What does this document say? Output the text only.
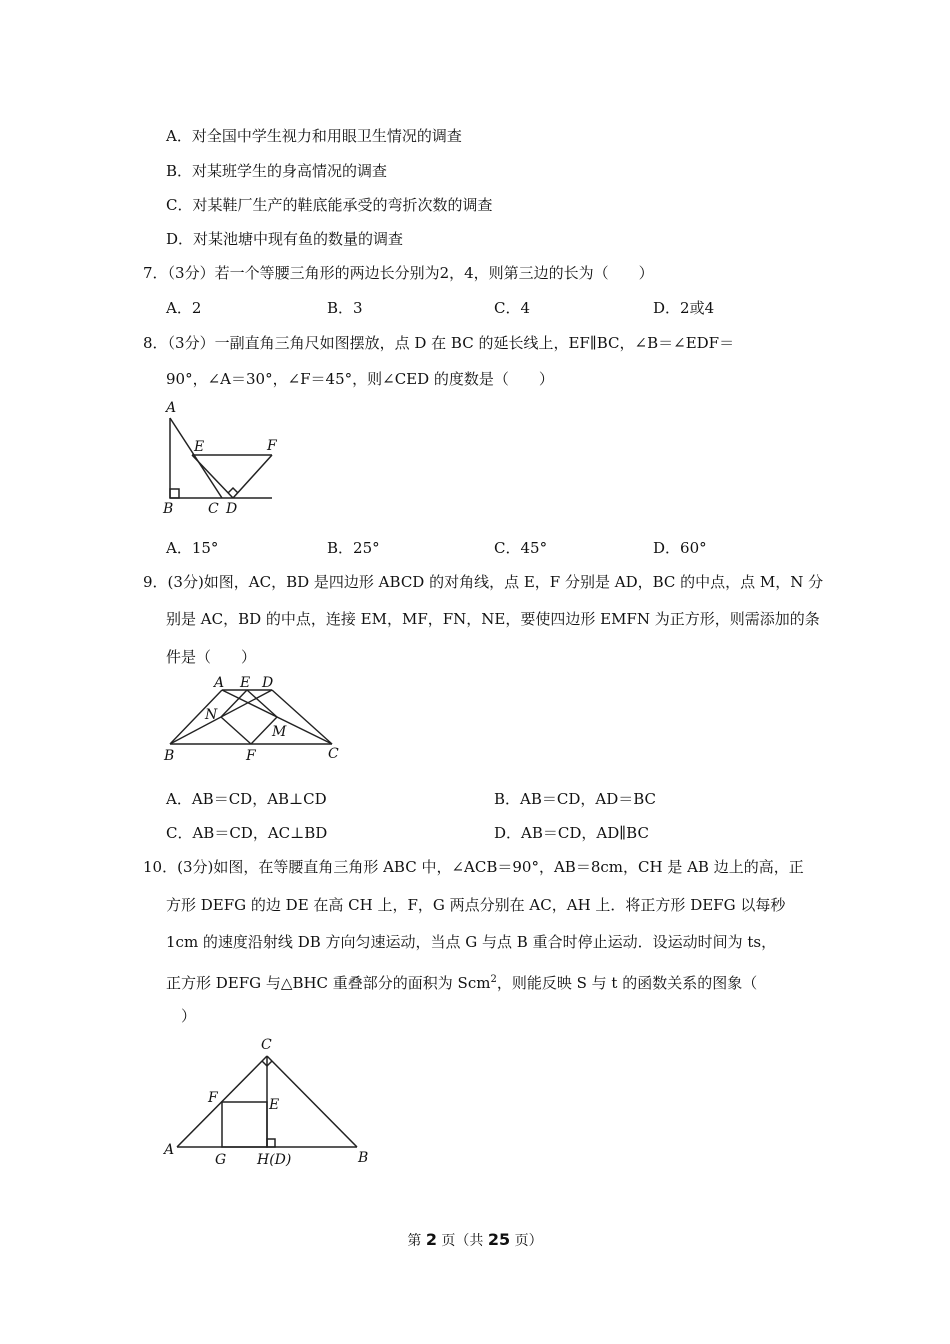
A．对全国中学生视力和用眼卫生情况的调查
B．对某班学生的身高情况的调查
C．对某鞋厂生产的鞋底能承受的弯折次数的调查
D．对某池塘中现有鱼的数量的调查
7．（3分）若一个等腰三角形的两边长分别为2，4，则第三边的长为（　　）
A．2	B．3	C．4	D．2或4
8．（3分）一副直角三角尺如图摆放，点 D 在 BC 的延长线上，EF∥BC，∠B＝∠EDF＝
90°，∠A＝30°，∠F＝45°，则∠CED 的度数是（　　）
A
E	F
B C D
A．15°	B．25°	C．45°	D．60°
9．(3分)如图，AC，BD 是四边形 ABCD 的对角线，点 E，F 分别是 AD，BC 的中点，点 M，N 分
别是 AC，BD 的中点，连接 EM，MF，FN，NE，要使四边形 EMFN 为正方形，则需添加的条
件是（　　）
A E D
N
M
B	F	C
A．AB＝CD，AB⊥CD	B．AB＝CD，AD＝BC
C．AB＝CD，AC⊥BD	D．AB＝CD，AD∥BC
10．(3分)如图，在等腰直角三角形 ABC 中，∠ACB＝90°，AB＝8cm，CH 是 AB 边上的高，正
方形 DEFG 的边 DE 在高 CH 上，F，G 两点分别在 AC，AH 上．将正方形 DEFG 以每秒
1cm 的速度沿射线 DB 方向匀速运动，当点 G 与点 B 重合时停止运动．设运动时间为 ts，
正方形 DEFG 与△BHC 重叠部分的面积为 Scm$^2$，则能反映 S 与 t 的函数关系的图象（
　）
C
F	E
A
G H(D)	B
第 2 页（共 25 页）
